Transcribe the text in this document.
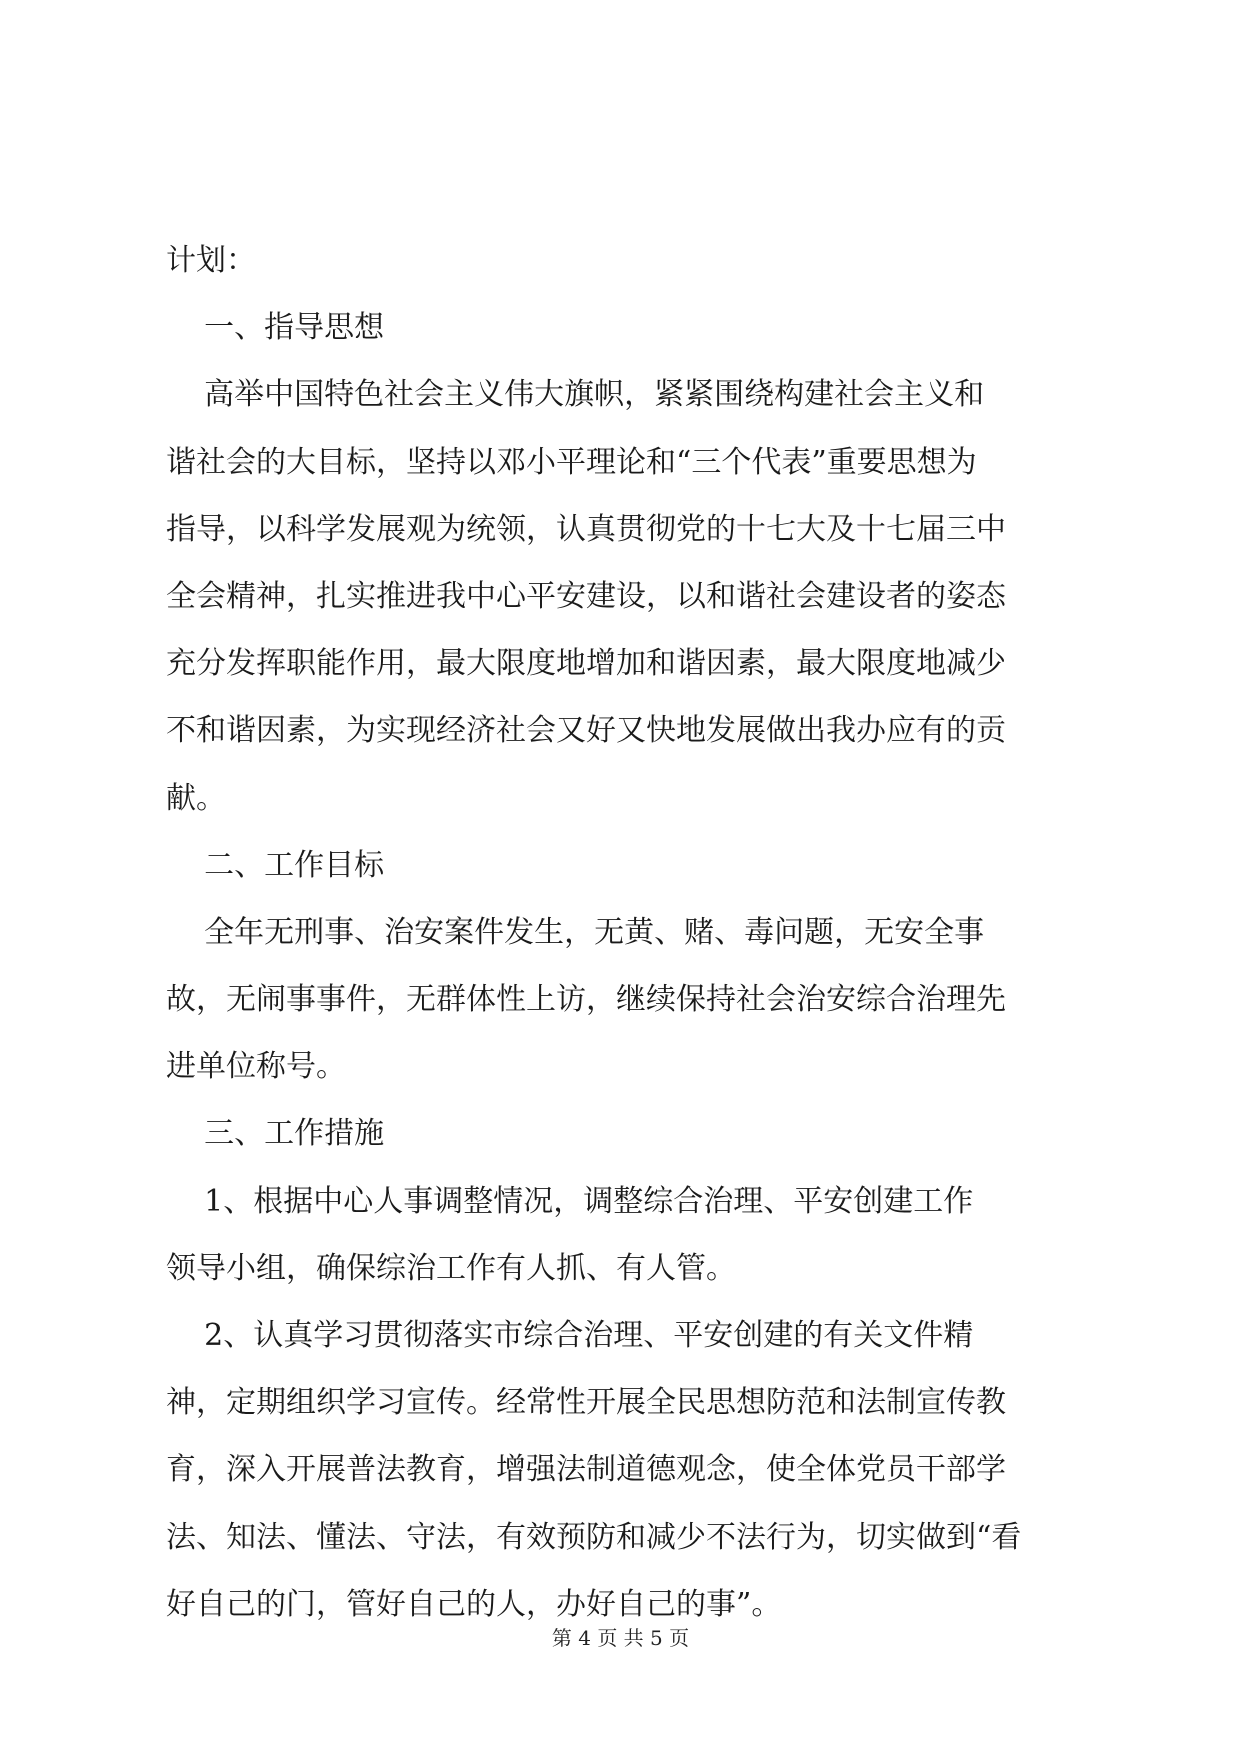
计划：
一、指导思想
高举中国特色社会主义伟大旗帜，紧紧围绕构建社会主义和
谐社会的大目标，坚持以邓小平理论和“三个代表”重要思想为
指导，以科学发展观为统领，认真贯彻党的十七大及十七届三中
全会精神，扎实推进我中心平安建设，以和谐社会建设者的姿态
充分发挥职能作用，最大限度地增加和谐因素，最大限度地减少
不和谐因素，为实现经济社会又好又快地发展做出我办应有的贡
献。
二、工作目标
全年无刑事、治安案件发生，无黄、赌、毒问题，无安全事
故，无闹事事件，无群体性上访，继续保持社会治安综合治理先
进单位称号。
三、工作措施
1、根据中心人事调整情况，调整综合治理、平安创建工作
领导小组，确保综治工作有人抓、有人管。
2、认真学习贯彻落实市综合治理、平安创建的有关文件精
神，定期组织学习宣传。经常性开展全民思想防范和法制宣传教
育，深入开展普法教育，增强法制道德观念，使全体党员干部学
法、知法、懂法、守法，有效预防和减少不法行为，切实做到“看
好自己的门，管好自己的人，办好自己的事”。
第 4 页 共 5 页
